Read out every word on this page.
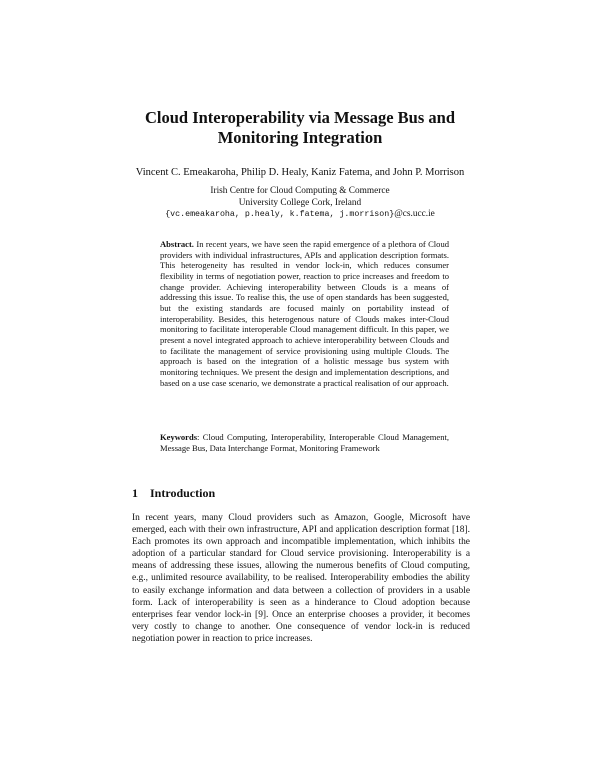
Cloud Interoperability via Message Bus and
Monitoring Integration
Vincent C. Emeakaroha, Philip D. Healy, Kaniz Fatema, and John P. Morrison
Irish Centre for Cloud Computing & Commerce
University College Cork, Ireland
{vc.emeakaroha, p.healy, k.fatema, j.morrison}@cs.ucc.ie

Abstract. In recent years, we have seen the rapid emergence of a plethora of Cloud providers with individual infrastructures, APIs and application description formats. This heterogeneity has resulted in vendor lock-in, which reduces consumer flexibility in terms of negotiation power, reaction to price increases and freedom to change provider. Achieving interoperability between Clouds is a means of addressing this issue. To realise this, the use of open standards has been suggested, but the existing standards are focused mainly on portability instead of interoperability. Besides, this heterogenous nature of Clouds makes inter-Cloud monitoring to facilitate interoperable Cloud management difficult. In this paper, we present a novel integrated approach to achieve interoperability between Clouds and to facilitate the management of service provisioning using multiple Clouds. The approach is based on the integration of a holistic message bus system with monitoring techniques. We present the design and implementation descriptions, and based on a use case scenario, we demonstrate a practical realisation of our approach.

Keywords: Cloud Computing, Interoperability, Interoperable Cloud Management, Message Bus, Data Interchange Format, Monitoring Framework

1 Introduction

In recent years, many Cloud providers such as Amazon, Google, Microsoft have emerged, each with their own infrastructure, API and application description format [18]. Each promotes its own approach and incompatible implementation, which inhibits the adoption of a particular standard for Cloud service provisioning. Interoperability is a means of addressing these issues, allowing the numerous benefits of Cloud computing, e.g., unlimited resource availability, to be realised. Interoperability embodies the ability to easily exchange information and data between a collection of providers in a usable form. Lack of interoperability is seen as a hinderance to Cloud adoption because enterprises fear vendor lock-in [9]. Once an enterprise chooses a provider, it becomes very costly to change to another. One consequence of vendor lock-in is reduced negotiation power in reaction to price increases.
